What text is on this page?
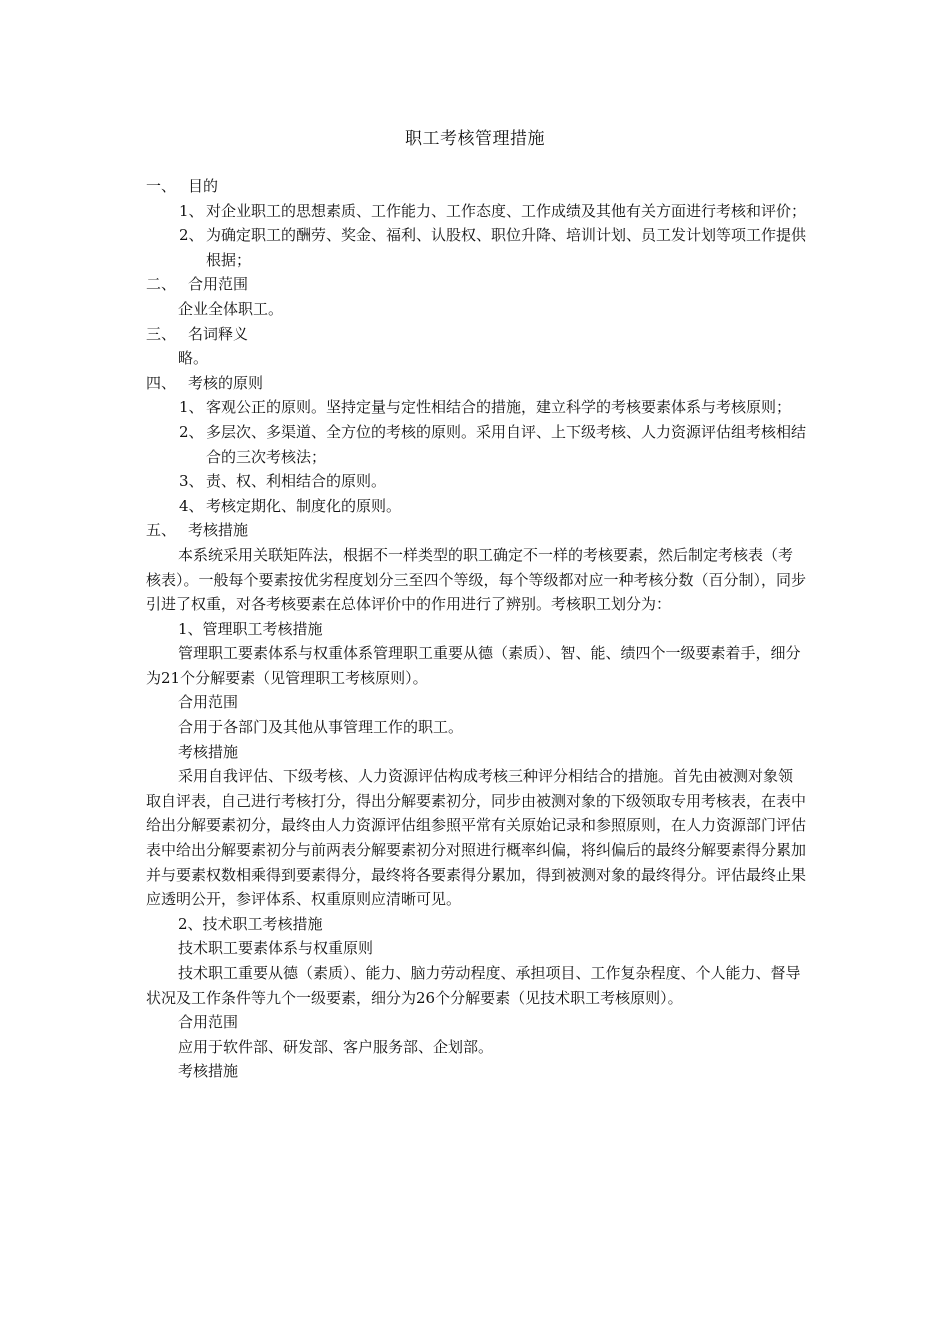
职工考核管理措施

一、 目的

1、 对企业职工的思想素质、工作能力、工作态度、工作成绩及其他有关方面进行考核和评价；

2、 为确定职工的酬劳、奖金、福利、认股权、职位升降、培训计划、员工发计划等项工作提供根据；

二、 合用范围

企业全体职工。

三、 名词释义

略。

四、 考核的原则

1、 客观公正的原则。坚持定量与定性相结合的措施，建立科学的考核要素体系与考核原则；

2、 多层次、多渠道、全方位的考核的原则。采用自评、上下级考核、人力资源评估组考核相结合的三次考核法；

3、 责、权、利相结合的原则。

4、 考核定期化、制度化的原则。

五、 考核措施

本系统采用关联矩阵法，根据不一样类型的职工确定不一样的考核要素，然后制定考核表（考核表）。一般每个要素按优劣程度划分三至四个等级，每个等级都对应一种考核分数（百分制），同步引进了权重，对各考核要素在总体评价中的作用进行了辨别。考核职工划分为：

1、管理职工考核措施

管理职工要素体系与权重体系管理职工重要从德（素质）、智、能、绩四个一级要素着手，细分为21个分解要素（见管理职工考核原则）。

合用范围

合用于各部门及其他从事管理工作的职工。

考核措施

采用自我评估、下级考核、人力资源评估构成考核三种评分相结合的措施。首先由被测对象领取自评表，自己进行考核打分，得出分解要素初分，同步由被测对象的下级领取专用考核表，在表中给出分解要素初分，最终由人力资源评估组参照平常有关原始记录和参照原则，在人力资源部门评估表中给出分解要素初分与前两表分解要素初分对照进行概率纠偏，将纠偏后的最终分解要素得分累加并与要素权数相乘得到要素得分，最终将各要素得分累加，得到被测对象的最终得分。评估最终止果应透明公开，参评体系、权重原则应清晰可见。

2、技术职工考核措施

技术职工要素体系与权重原则

技术职工重要从德（素质）、能力、脑力劳动程度、承担项目、工作复杂程度、个人能力、督导状况及工作条件等九个一级要素，细分为26个分解要素（见技术职工考核原则）。

合用范围

应用于软件部、研发部、客户服务部、企划部。

考核措施
